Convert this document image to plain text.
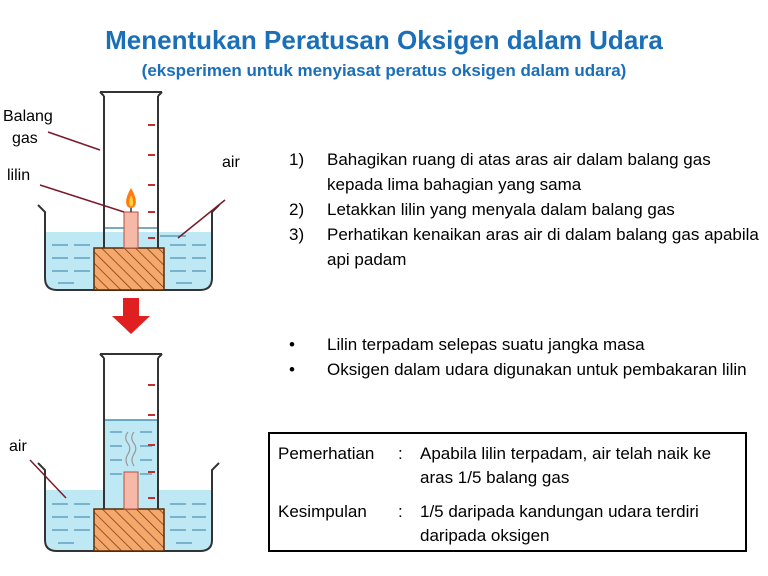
Menentukan Peratusan Oksigen dalam Udara
(eksperimen untuk menyiasat peratus oksigen dalam udara)
Balang
gas
lilin
air
air
1)	Bahagikan ruang di atas aras air dalam balang gas kepada lima bahagian yang sama
2)	Letakkan lilin yang menyala dalam balang gas
3)	Perhatikan kenaikan aras air di dalam balang gas apabila api padam
•	Lilin terpadam selepas suatu jangka masa
•	Oksigen dalam udara digunakan untuk pembakaran lilin
Pemerhatian	:	Apabila lilin terpadam, air telah naik ke aras 1/5 balang gas
Kesimpulan	:	1/5 daripada kandungan udara terdiri daripada oksigen
